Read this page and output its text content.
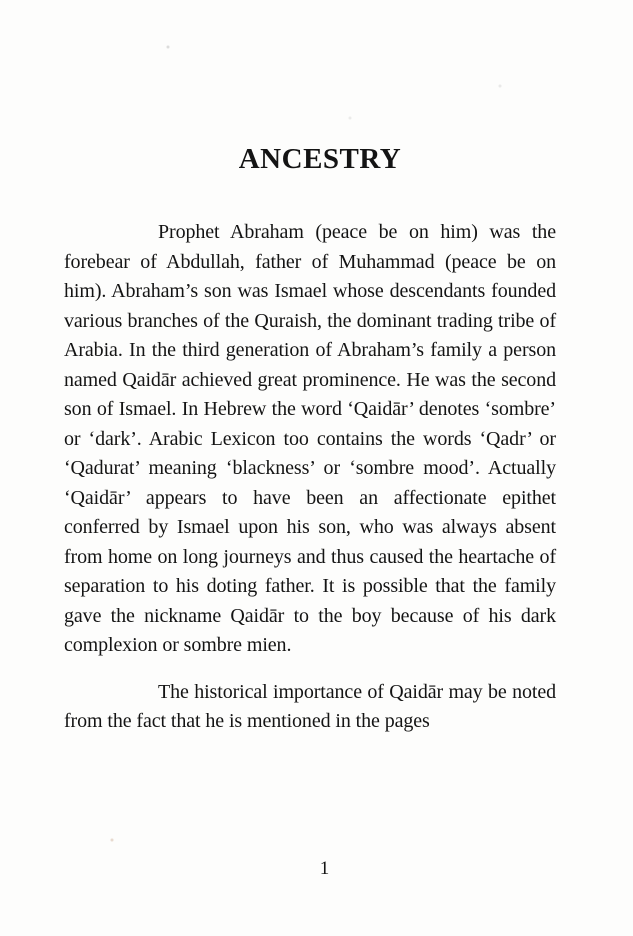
ANCESTRY

Prophet Abraham (peace be on him) was the forebear of Abdullah, father of Muhammad (peace be on him). Abraham’s son was Ismael whose descendants founded various branches of the Quraish, the dominant trading tribe of Arabia. In the third generation of Abraham’s family a person named Qaidār achieved great prominence. He was the second son of Ismael. In Hebrew the word ‘Qaidār’ denotes ‘sombre’ or ‘dark’. Arabic Lexicon too contains the words ‘Qadr’ or ‘Qadurat’ meaning ‘blackness’ or ‘sombre mood’. Actually ‘Qaidār’ appears to have been an affectionate epithet conferred by Ismael upon his son, who was always absent from home on long journeys and thus caused the heartache of separation to his doting father. It is possible that the family gave the nickname Qaidār to the boy because of his dark complexion or sombre mien.

The historical importance of Qaidār may be noted from the fact that he is mentioned in the pages

1
